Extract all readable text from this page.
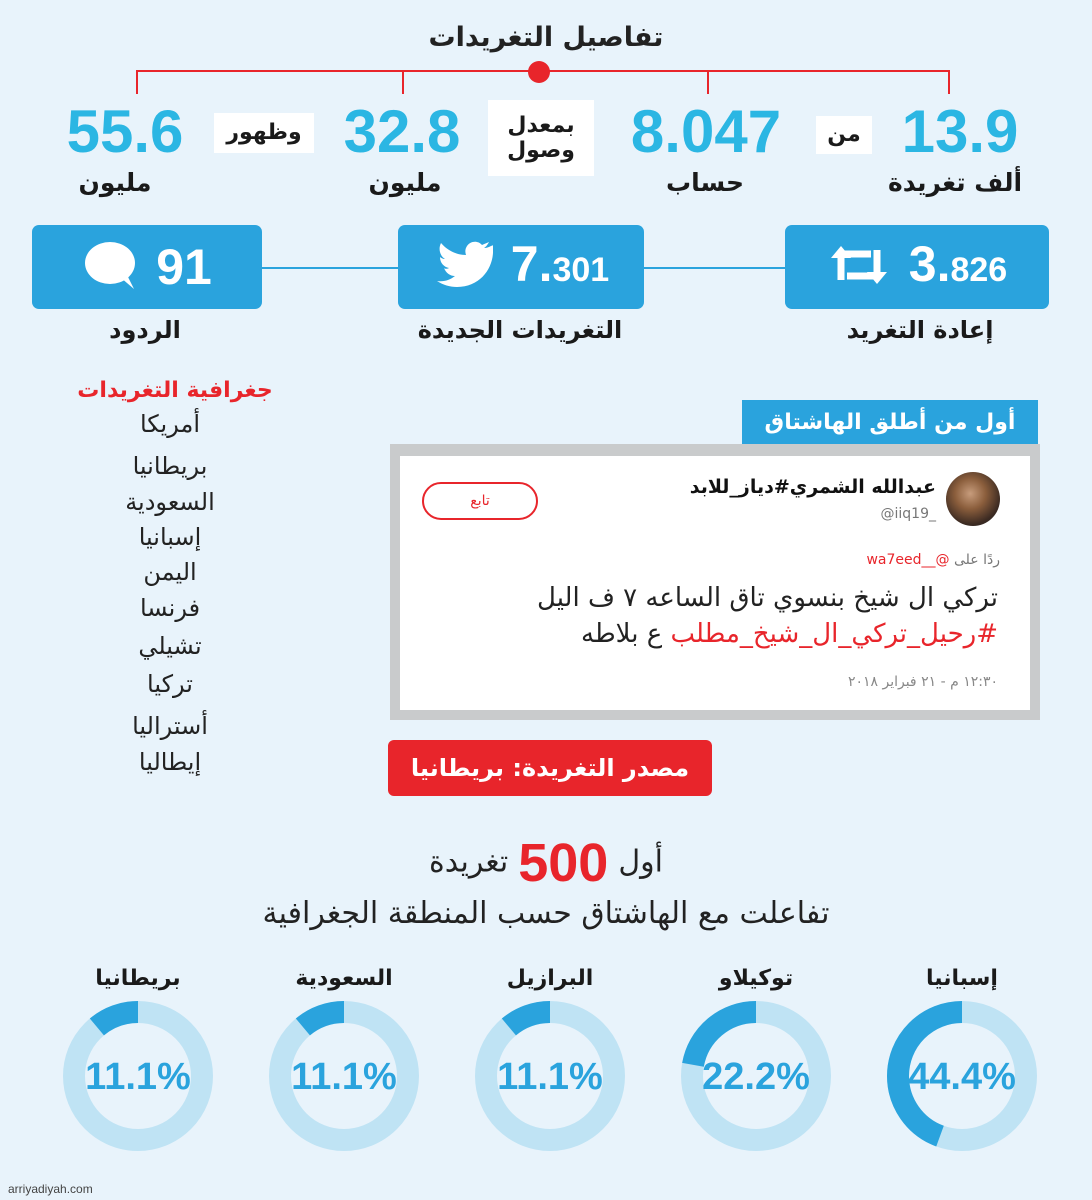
تفاصيل التغريدات
13.9
ألف تغريدة
من
8.047
حساب
بمعدل وصول
32.8
مليون
وظهور
55.6
مليون
3.826
إعادة التغريد
7.301
التغريدات الجديدة
91
الردود
جغرافية التغريدات
أمريكا
بريطانيا
السعودية
إسبانيا
اليمن
فرنسا
تشيلي
تركيا
أستراليا
إيطاليا
أول من أطلق الهاشتاق
عبدالله الشمري#دياز_للابد
@iiq19_
تابع
ردًا على @__wa7eed
تركي ال شيخ بنسوي تاق الساعه ٧ ف اليل
#رحيل_تركي_ال_شيخ_مطلب ع بلاطه
١٢:٣٠ م - ٢١ فبراير ٢٠١٨
مصدر التغريدة: بريطانيا
أول500تغريدة
تفاعلت مع الهاشتاق حسب المنطقة الجغرافية
إسبانيا
توكيلاو
البرازيل
السعودية
بريطانيا
44.4%
22.2%
11.1%
11.1%
11.1%
arriyadiyah.com
